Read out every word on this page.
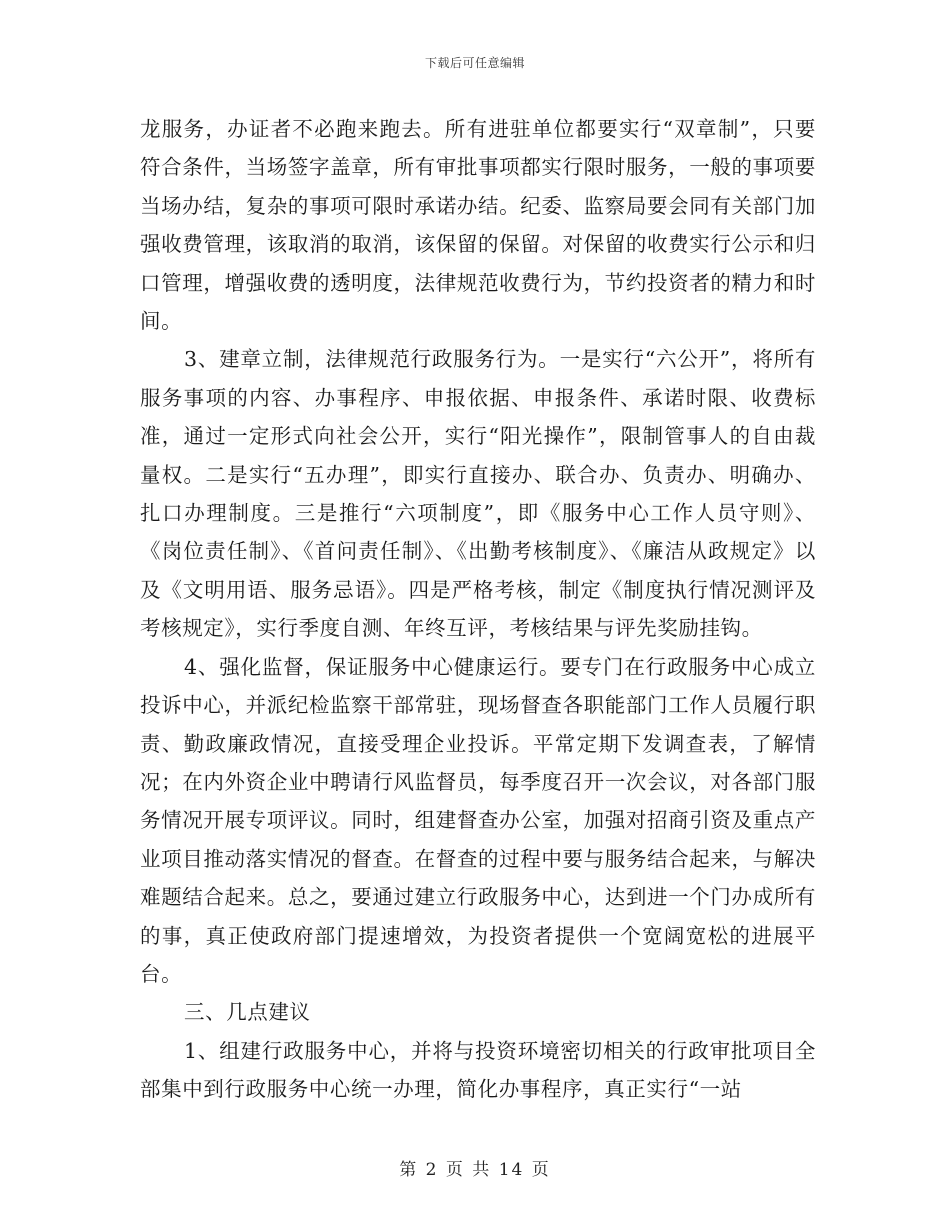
下载后可任意编辑

龙服务，办证者不必跑来跑去。所有进驻单位都要实行“双章制”，只要符合条件，当场签字盖章，所有审批事项都实行限时服务，一般的事项要当场办结，复杂的事项可限时承诺办结。纪委、监察局要会同有关部门加强收费管理，该取消的取消，该保留的保留。对保留的收费实行公示和归口管理，增强收费的透明度，法律规范收费行为，节约投资者的精力和时间。

3、建章立制，法律规范行政服务行为。一是实行“六公开”，将所有服务事项的内容、办事程序、申报依据、申报条件、承诺时限、收费标准，通过一定形式向社会公开，实行“阳光操作”，限制管事人的自由裁量权。二是实行“五办理”，即实行直接办、联合办、负责办、明确办、扎口办理制度。三是推行“六项制度”，即《服务中心工作人员守则》、《岗位责任制》、《首问责任制》、《出勤考核制度》、《廉洁从政规定》以及《文明用语、服务忌语》。四是严格考核，制定《制度执行情况测评及考核规定》，实行季度自测、年终互评，考核结果与评先奖励挂钩。

4、强化监督，保证服务中心健康运行。要专门在行政服务中心成立投诉中心，并派纪检监察干部常驻，现场督查各职能部门工作人员履行职责、勤政廉政情况，直接受理企业投诉。平常定期下发调查表，了解情况；在内外资企业中聘请行风监督员，每季度召开一次会议，对各部门服务情况开展专项评议。同时，组建督查办公室，加强对招商引资及重点产业项目推动落实情况的督查。在督查的过程中要与服务结合起来，与解决难题结合起来。总之，要通过建立行政服务中心，达到进一个门办成所有的事，真正使政府部门提速增效，为投资者提供一个宽阔宽松的进展平台。

三、几点建议

1、组建行政服务中心，并将与投资环境密切相关的行政审批项目全部集中到行政服务中心统一办理，简化办事程序，真正实行“一站

第 2 页 共 14 页
